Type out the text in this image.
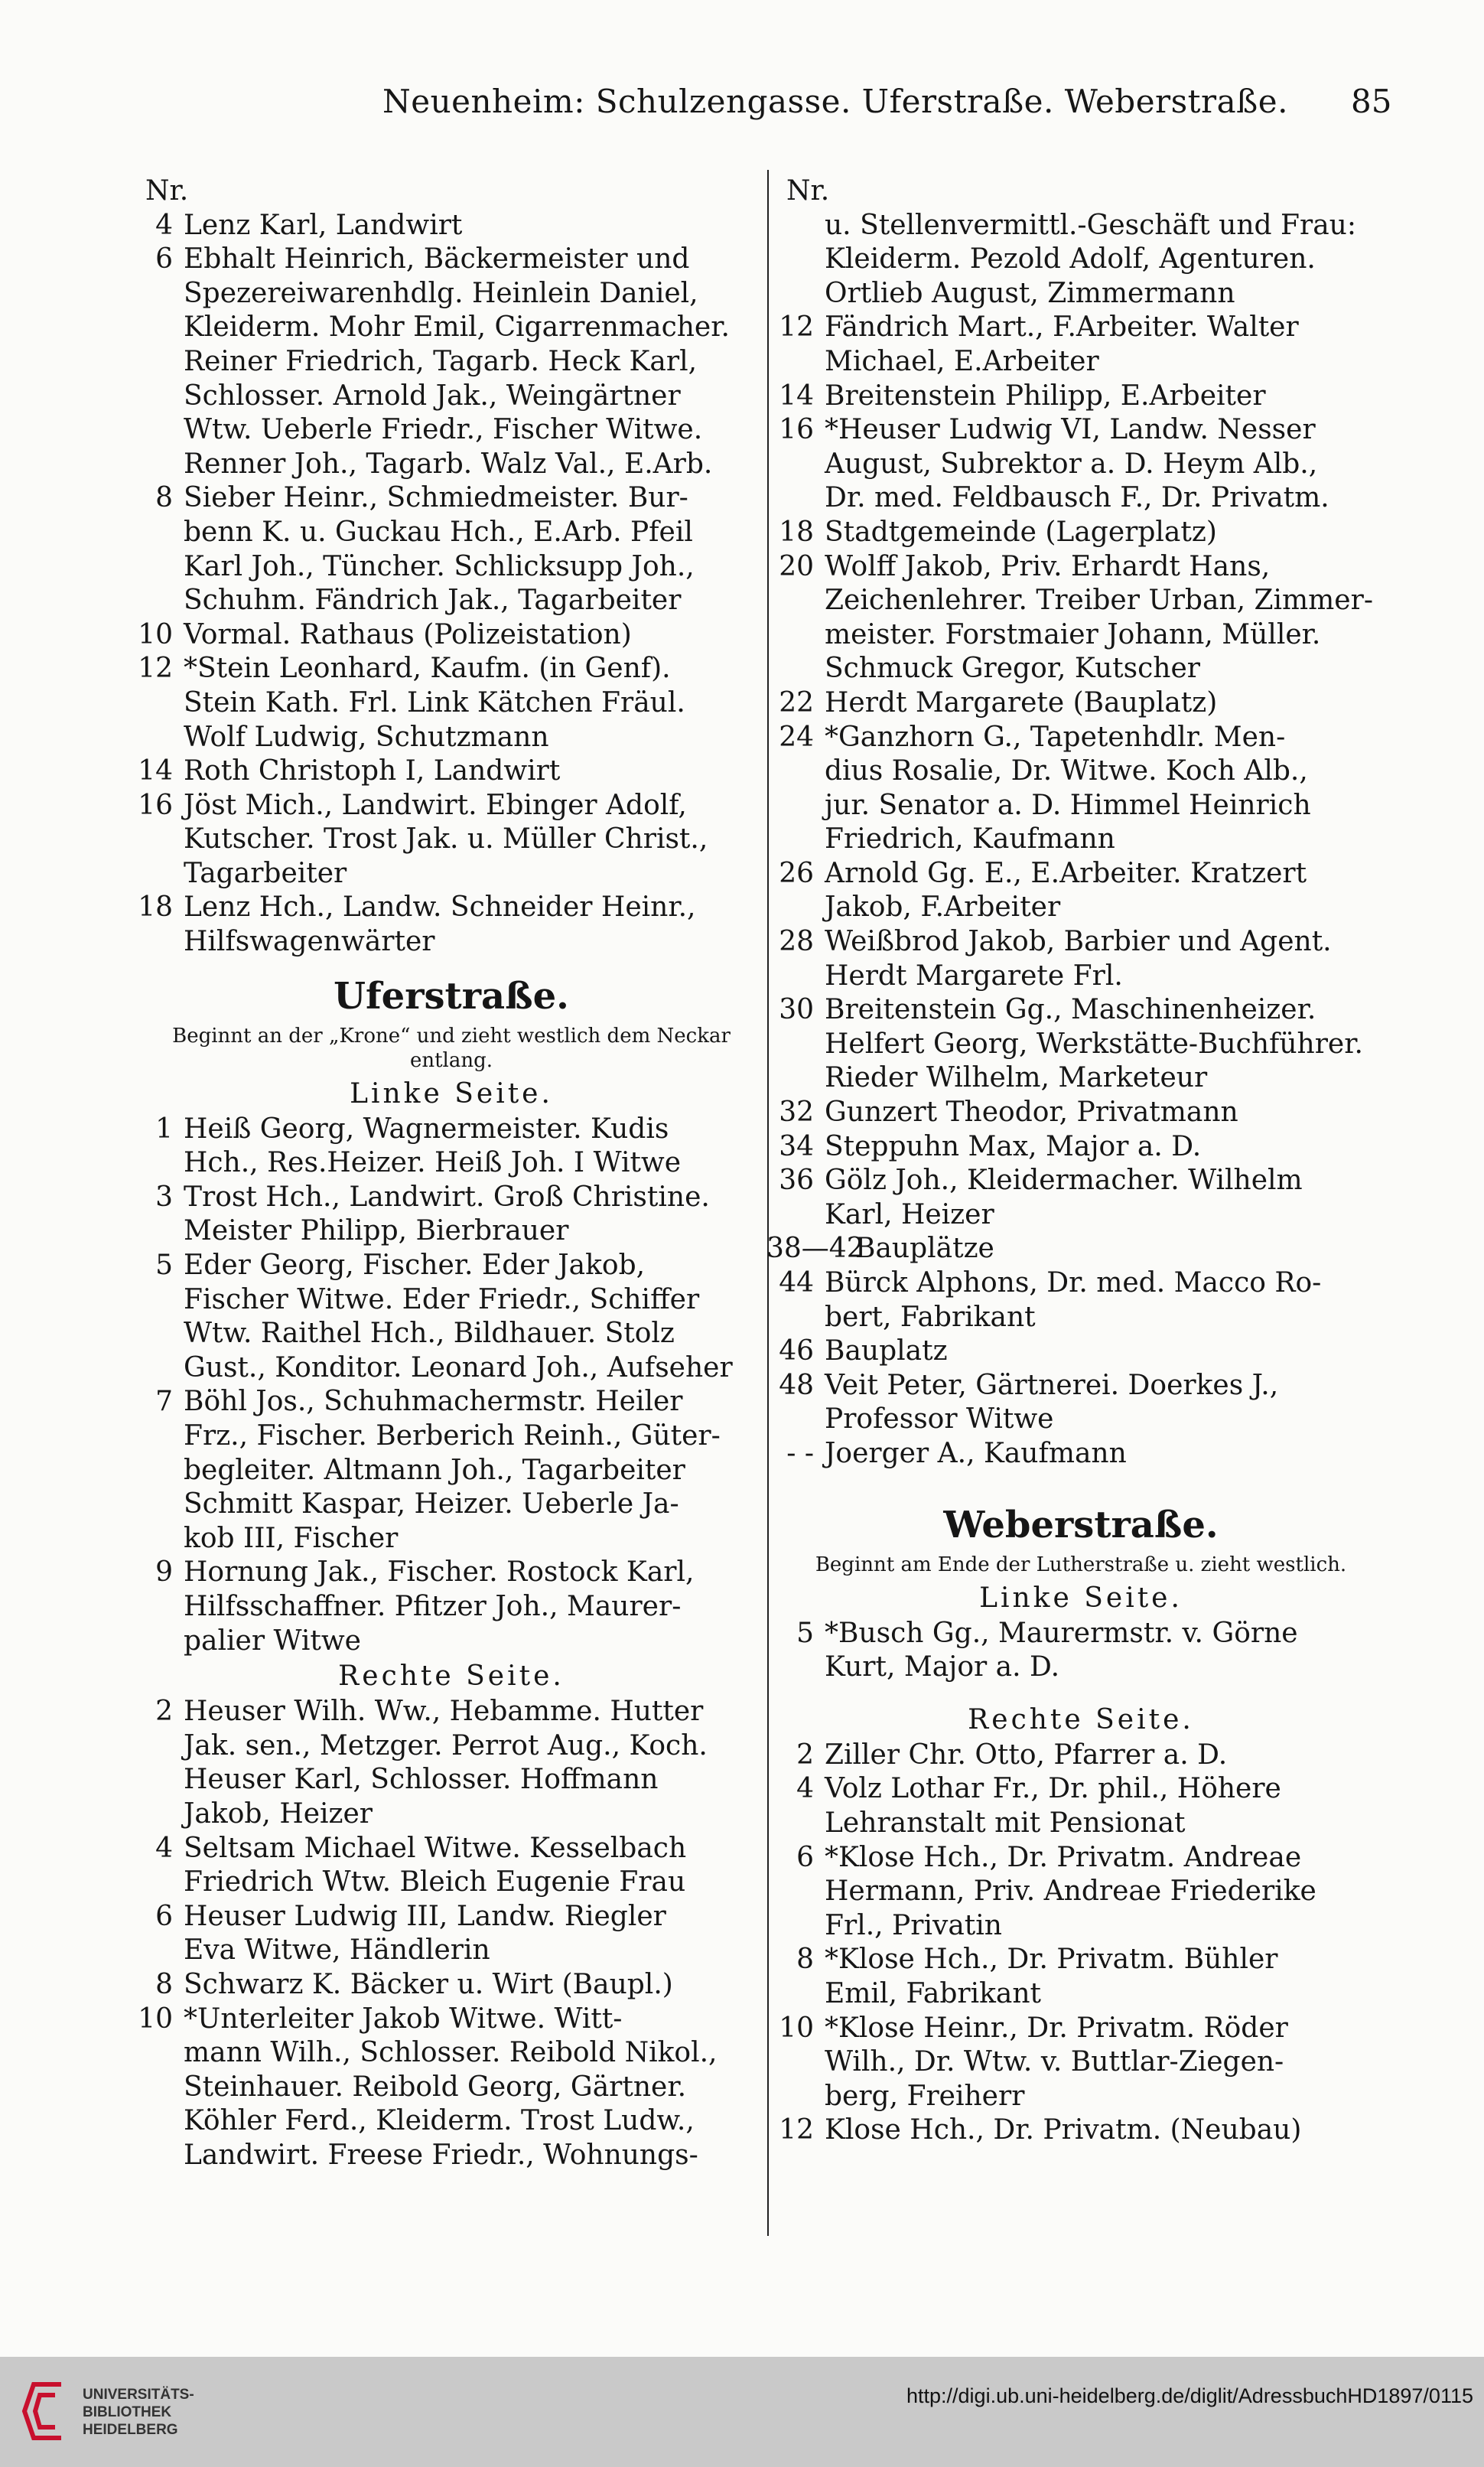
Neuenheim: Schulzengasse. Uferstraße. Weberstraße. 85
Nr.
4 Lenz Karl, Landwirt
6 Ebhalt Heinrich, Bäckermeister und
Spezereiwarenhdlg. Heinlein Daniel,
Kleiderm. Mohr Emil, Cigarrenmacher.
Reiner Friedrich, Tagarb. Heck Karl,
Schlosser. Arnold Jak., Weingärtner
Wtw. Ueberle Friedr., Fischer Witwe.
Renner Joh., Tagarb. Walz Val., E.Arb.
8 Sieber Heinr., Schmiedmeister. Bur-
benn K. u. Guckau Hch., E.Arb. Pfeil
Karl Joh., Tüncher. Schlicksupp Joh.,
Schuhm. Fändrich Jak., Tagarbeiter
10 Vormal. Rathaus (Polizeistation)
12 *Stein Leonhard, Kaufm. (in Genf).
Stein Kath. Frl. Link Kätchen Fräul.
Wolf Ludwig, Schutzmann
14 Roth Christoph I, Landwirt
16 Jöst Mich., Landwirt. Ebinger Adolf,
Kutscher. Trost Jak. u. Müller Christ.,
Tagarbeiter
18 Lenz Hch., Landw. Schneider Heinr.,
Hilfswagenwärter
Uferstraße.
Beginnt an der „Krone“ und zieht westlich dem Neckar entlang.
Linke Seite.
1 Heiß Georg, Wagnermeister. Kudis
Hch., Res.Heizer. Heiß Joh. I Witwe
3 Trost Hch., Landwirt. Groß Christine.
Meister Philipp, Bierbrauer
5 Eder Georg, Fischer. Eder Jakob,
Fischer Witwe. Eder Friedr., Schiffer
Wtw. Raithel Hch., Bildhauer. Stolz
Gust., Konditor. Leonard Joh., Aufseher
7 Böhl Jos., Schuhmachermstr. Heiler
Frz., Fischer. Berberich Reinh., Güter-
begleiter. Altmann Joh., Tagarbeiter
Schmitt Kaspar, Heizer. Ueberle Ja-
kob III, Fischer
9 Hornung Jak., Fischer. Rostock Karl,
Hilfsschaffner. Pfitzer Joh., Maurer-
palier Witwe
Rechte Seite.
2 Heuser Wilh. Ww., Hebamme. Hutter
Jak. sen., Metzger. Perrot Aug., Koch.
Heuser Karl, Schlosser. Hoffmann
Jakob, Heizer
4 Seltsam Michael Witwe. Kesselbach
Friedrich Wtw. Bleich Eugenie Frau
6 Heuser Ludwig III, Landw. Riegler
Eva Witwe, Händlerin
8 Schwarz K. Bäcker u. Wirt (Baupl.)
10 *Unterleiter Jakob Witwe. Witt-
mann Wilh., Schlosser. Reibold Nikol.,
Steinhauer. Reibold Georg, Gärtner.
Köhler Ferd., Kleiderm. Trost Ludw.,
Landwirt. Freese Friedr., Wohnungs-
Nr.
u. Stellenvermittl.-Geschäft und Frau:
Kleiderm. Pezold Adolf, Agenturen.
Ortlieb August, Zimmermann
12 Fändrich Mart., F.Arbeiter. Walter
Michael, E.Arbeiter
14 Breitenstein Philipp, E.Arbeiter
16 *Heuser Ludwig VI, Landw. Nesser
August, Subrektor a. D. Heym Alb.,
Dr. med. Feldbausch F., Dr. Privatm.
18 Stadtgemeinde (Lagerplatz)
20 Wolff Jakob, Priv. Erhardt Hans,
Zeichenlehrer. Treiber Urban, Zimmer-
meister. Forstmaier Johann, Müller.
Schmuck Gregor, Kutscher
22 Herdt Margarete (Bauplatz)
24 *Ganzhorn G., Tapetenhdlr. Men-
dius Rosalie, Dr. Witwe. Koch Alb.,
jur. Senator a. D. Himmel Heinrich
Friedrich, Kaufmann
26 Arnold Gg. E., E.Arbeiter. Kratzert
Jakob, F.Arbeiter
28 Weißbrod Jakob, Barbier und Agent.
Herdt Margarete Frl.
30 Breitenstein Gg., Maschinenheizer.
Helfert Georg, Werkstätte-Buchführer.
Rieder Wilhelm, Marketeur
32 Gunzert Theodor, Privatmann
34 Steppuhn Max, Major a. D.
36 Gölz Joh., Kleidermacher. Wilhelm
Karl, Heizer
38—42
Bauplätze
44 Bürck Alphons, Dr. med. Macco Ro-
bert, Fabrikant
46 Bauplatz
48 Veit Peter, Gärtnerei. Doerkes J.,
Professor Witwe
- - Joerger A., Kaufmann
Weberstraße.
Beginnt am Ende der Lutherstraße u. zieht westlich.
Linke Seite.
5 *Busch Gg., Maurermstr. v. Görne
Kurt, Major a. D.
Rechte Seite.
2 Ziller Chr. Otto, Pfarrer a. D.
4 Volz Lothar Fr., Dr. phil., Höhere
Lehranstalt mit Pensionat
6 *Klose Hch., Dr. Privatm. Andreae
Hermann, Priv. Andreae Friederike
Frl., Privatin
8 *Klose Hch., Dr. Privatm. Bühler
Emil, Fabrikant
10 *Klose Heinr., Dr. Privatm. Röder
Wilh., Dr. Wtw. v. Buttlar-Ziegen-
berg, Freiherr
12 Klose Hch., Dr. Privatm. (Neubau)
UNIVERSITÄTS-
BIBLIOTHEK
HEIDELBERG
http://digi.ub.uni-heidelberg.de/diglit/AdressbuchHD1897/0115
